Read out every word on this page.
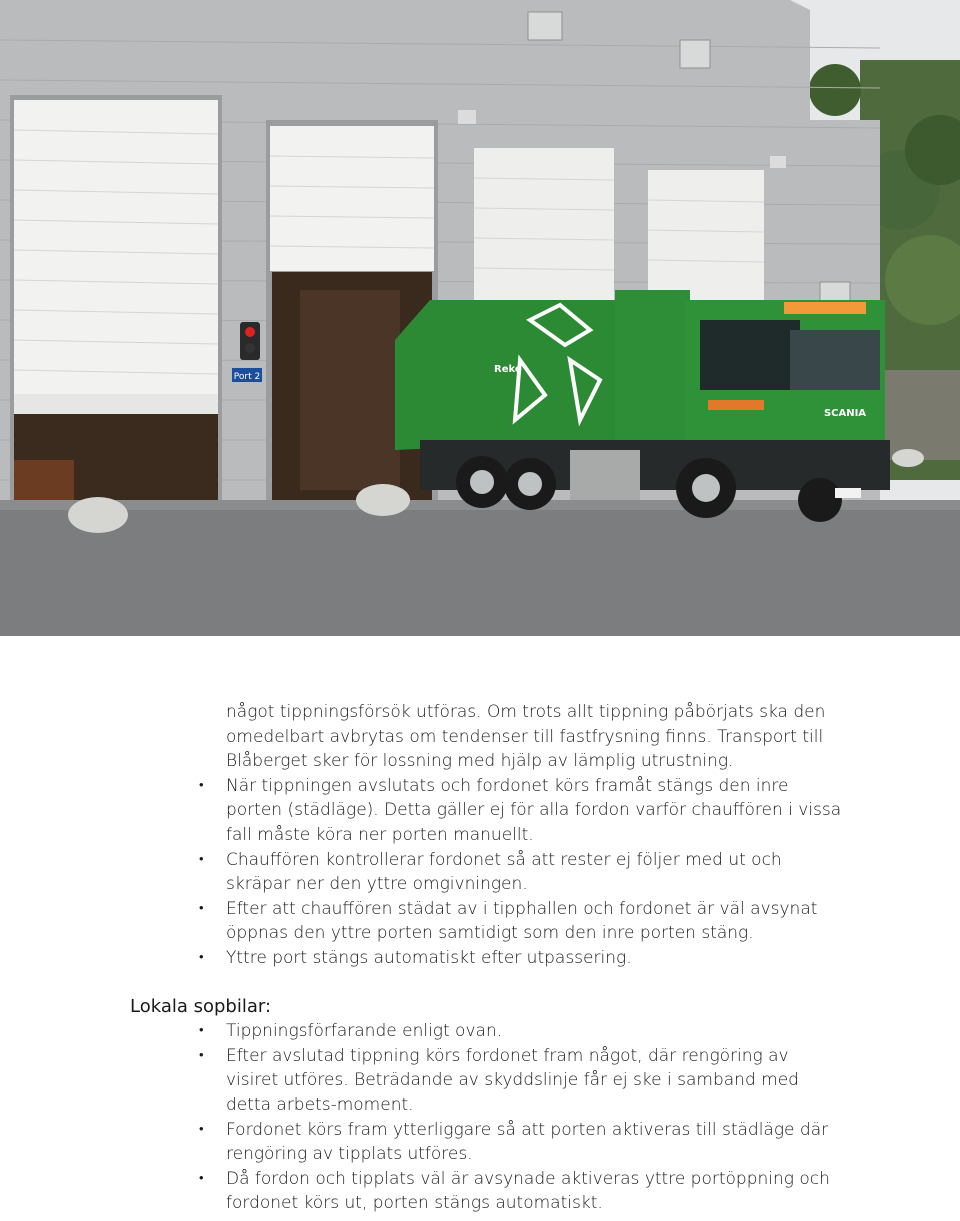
Port 2
SCANIA
Reko

något tippningsförsök utföras. Om trots allt tippning påbörjats ska den omedelbart avbrytas om tendenser till fastfrysning finns. Transport till Blåberget sker för lossning med hjälp av lämplig utrustning.

• När tippningen avslutats och fordonet körs framåt stängs den inre porten (städläge). Detta gäller ej för alla fordon varför chauffören i vissa fall måste köra ner porten manuellt.
• Chauffören kontrollerar fordonet så att rester ej följer med ut och skräpar ner den yttre omgivningen.
• Efter att chauffören städat av i tipphallen och fordonet är väl avsynat öppnas den yttre porten samtidigt som den inre porten stäng.
• Yttre port stängs automatiskt efter utpassering.
Lokala sopbilar:
• Tippningsförfarande enligt ovan.
• Efter avslutad tippning körs fordonet fram något, där rengöring av visiret utföres. Beträdande av skyddslinje får ej ske i samband med detta arbets-moment.
• Fordonet körs fram ytterliggare så att porten aktiveras till städläge där rengöring av tipplats utföres.
• Då fordon och tipplats väl är avsynade aktiveras yttre portöppning och fordonet körs ut, porten stängs automatiskt.
